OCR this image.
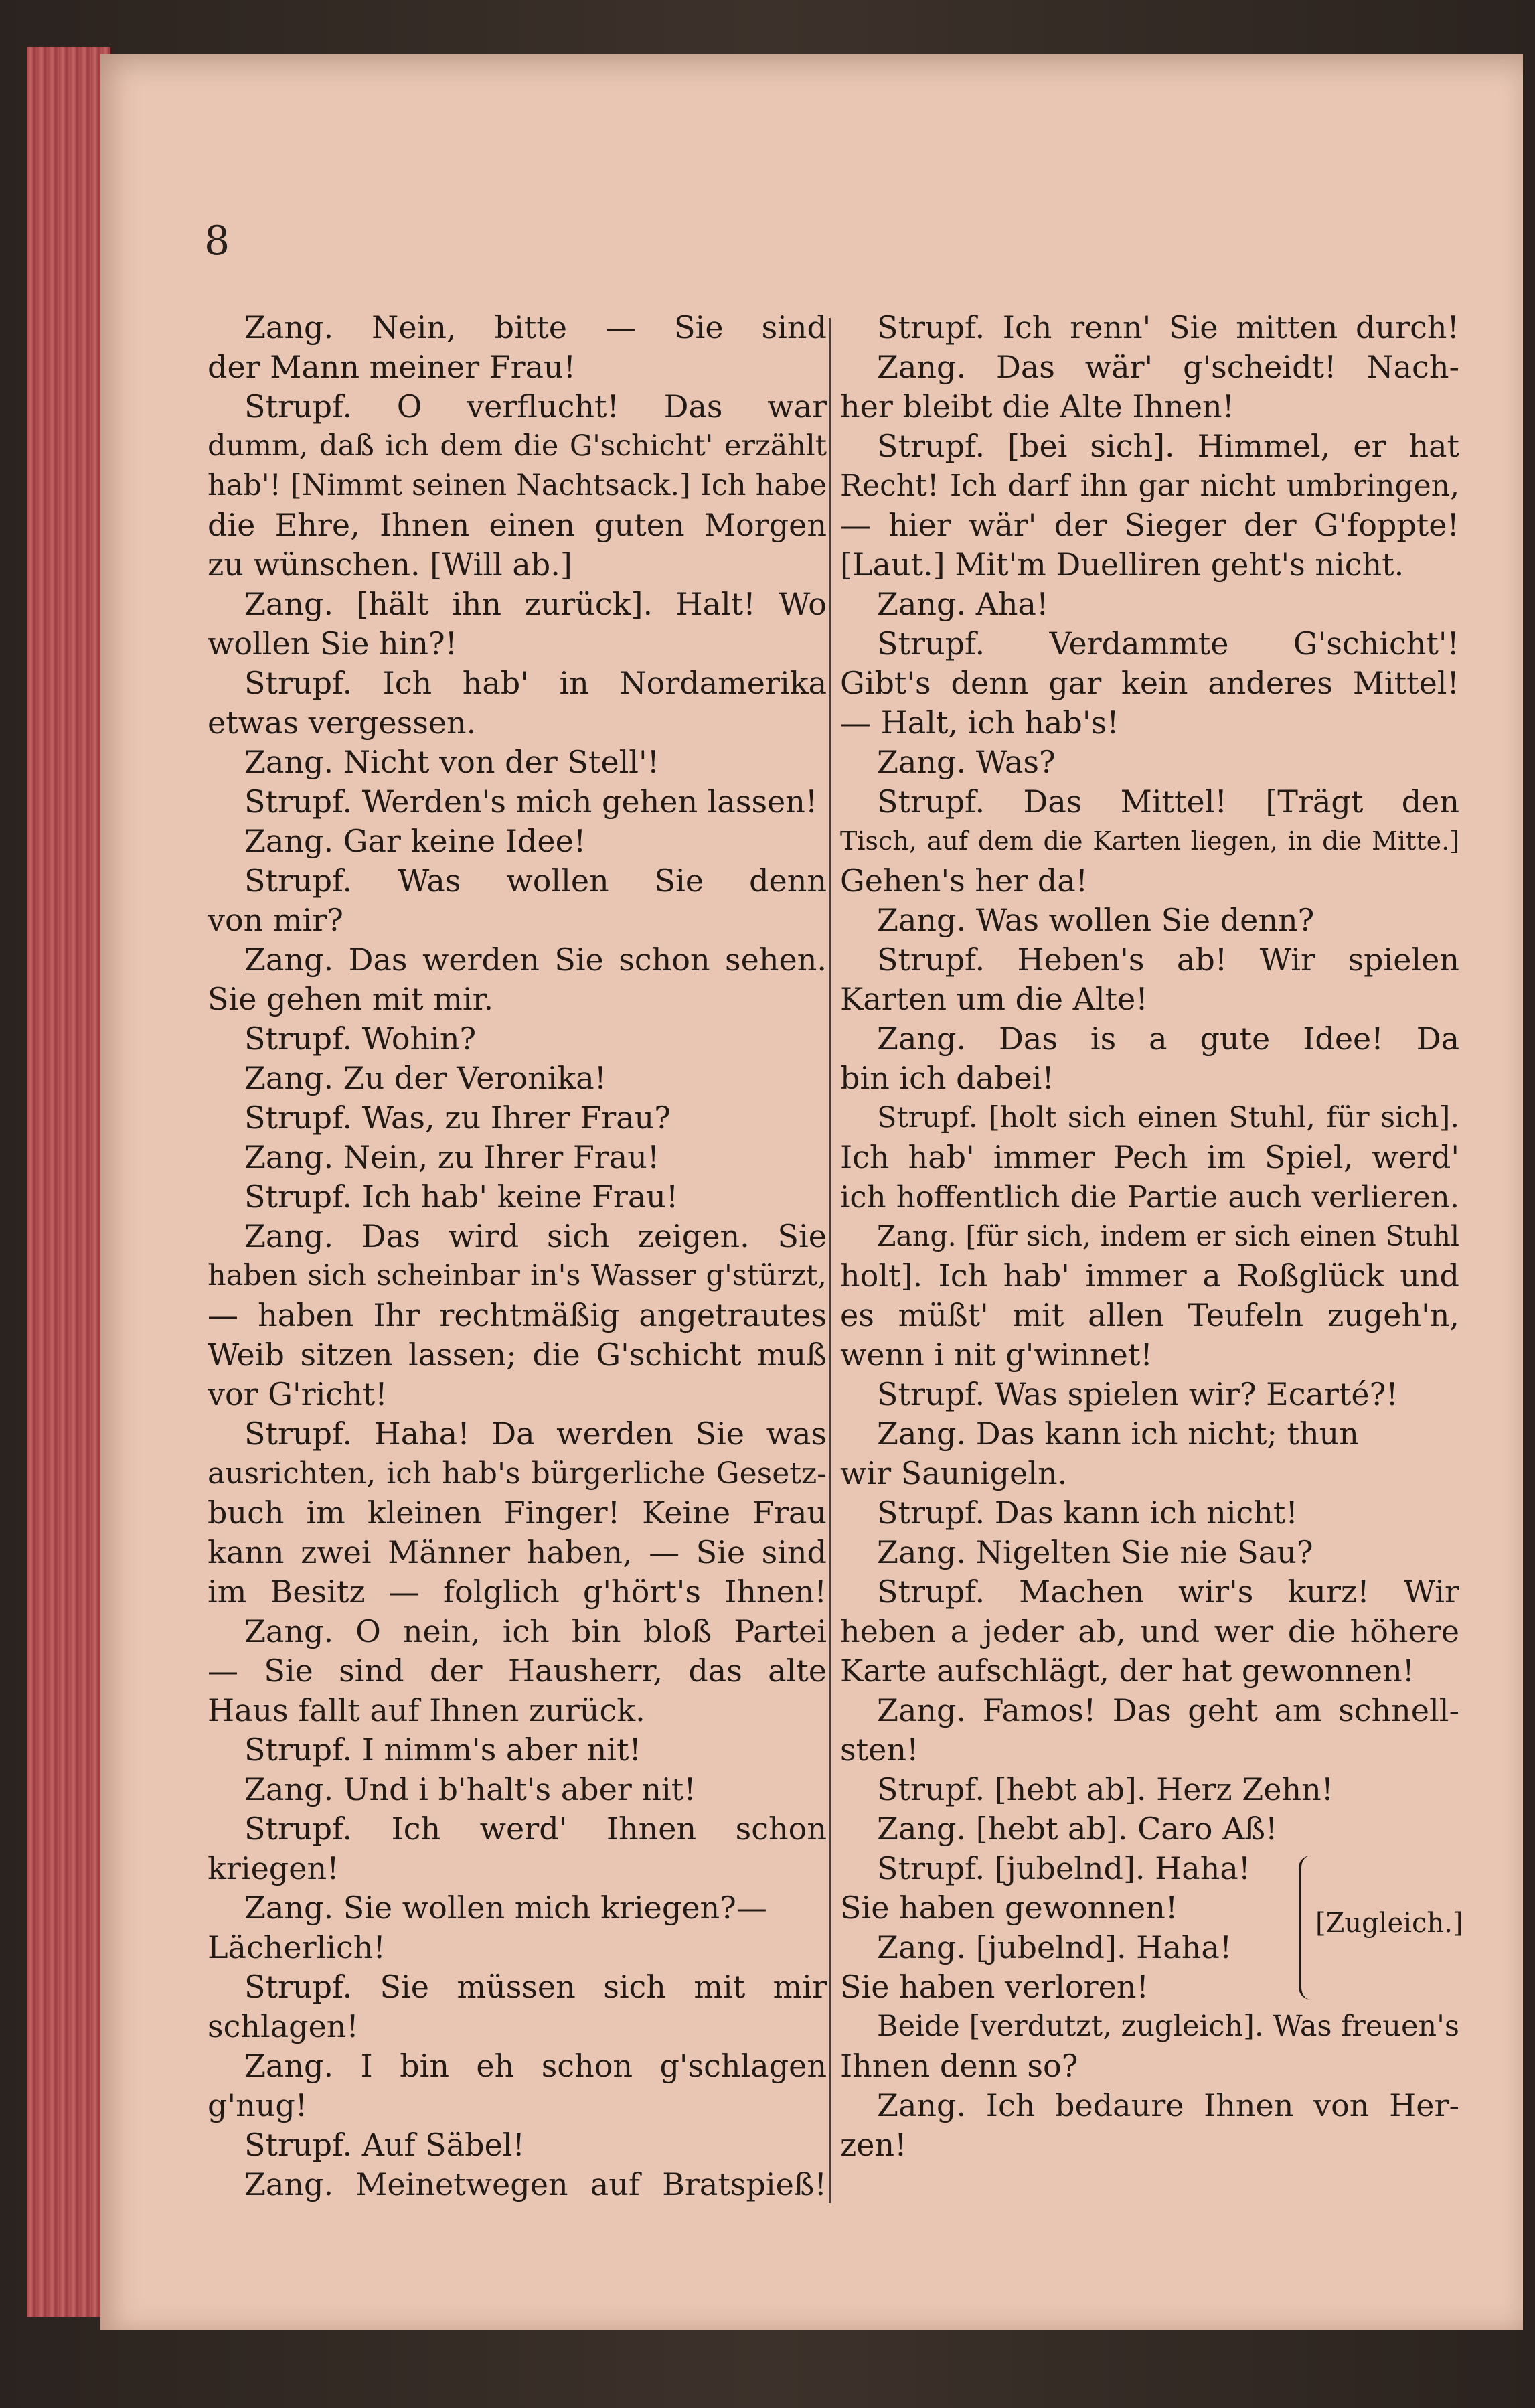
8
Zang. Nein, bitte — Sie sind
der Mann meiner Frau!
Strupf. O verflucht! Das war
dumm, daß ich dem die G'schicht' erzählt
hab'! [Nimmt seinen Nachtsack.] Ich habe
die Ehre, Ihnen einen guten Morgen
zu wünschen. [Will ab.]
Zang. [hält ihn zurück]. Halt! Wo
wollen Sie hin?!
Strupf. Ich hab' in Nordamerika
etwas vergessen.
Zang. Nicht von der Stell'!
Strupf. Werden's mich gehen lassen!
Zang. Gar keine Idee!
Strupf. Was wollen Sie denn
von mir?
Zang. Das werden Sie schon sehen.
Sie gehen mit mir.
Strupf. Wohin?
Zang. Zu der Veronika!
Strupf. Was, zu Ihrer Frau?
Zang. Nein, zu Ihrer Frau!
Strupf. Ich hab' keine Frau!
Zang. Das wird sich zeigen. Sie
haben sich scheinbar in's Wasser g'stürzt,
— haben Ihr rechtmäßig angetrautes
Weib sitzen lassen; die G'schicht muß
vor G'richt!
Strupf. Haha! Da werden Sie was
ausrichten, ich hab's bürgerliche Gesetz-
buch im kleinen Finger! Keine Frau
kann zwei Männer haben, — Sie sind
im Besitz — folglich g'hört's Ihnen!
Zang. O nein, ich bin bloß Partei
— Sie sind der Hausherr, das alte
Haus fallt auf Ihnen zurück.
Strupf. I nimm's aber nit!
Zang. Und i b'halt's aber nit!
Strupf. Ich werd' Ihnen schon
kriegen!
Zang. Sie wollen mich kriegen?—
Lächerlich!
Strupf. Sie müssen sich mit mir
schlagen!
Zang. I bin eh schon g'schlagen
g'nug!
Strupf. Auf Säbel!
Zang. Meinetwegen auf Bratspieß!
Strupf. Ich renn' Sie mitten durch!
Zang. Das wär' g'scheidt! Nach-
her bleibt die Alte Ihnen!
Strupf. [bei sich]. Himmel, er hat
Recht! Ich darf ihn gar nicht umbringen,
— hier wär' der Sieger der G'foppte!
[Laut.] Mit'm Duelliren geht's nicht.
Zang. Aha!
Strupf. Verdammte G'schicht'!
Gibt's denn gar kein anderes Mittel!
— Halt, ich hab's!
Zang. Was?
Strupf. Das Mittel! [Trägt den
Tisch, auf dem die Karten liegen, in die Mitte.]
Gehen's her da!
Zang. Was wollen Sie denn?
Strupf. Heben's ab! Wir spielen
Karten um die Alte!
Zang. Das is a gute Idee! Da
bin ich dabei!
Strupf. [holt sich einen Stuhl, für sich].
Ich hab' immer Pech im Spiel, werd'
ich hoffentlich die Partie auch verlieren.
Zang. [für sich, indem er sich einen Stuhl
holt]. Ich hab' immer a Roßglück und
es müßt' mit allen Teufeln zugeh'n,
wenn i nit g'winnet!
Strupf. Was spielen wir? Ecarté?!
Zang. Das kann ich nicht; thun
wir Saunigeln.
Strupf. Das kann ich nicht!
Zang. Nigelten Sie nie Sau?
Strupf. Machen wir's kurz! Wir
heben a jeder ab, und wer die höhere
Karte aufschlägt, der hat gewonnen!
Zang. Famos! Das geht am schnell-
sten!
Strupf. [hebt ab]. Herz Zehn!
Zang. [hebt ab]. Caro Aß!
Strupf. [jubelnd]. Haha!
Sie haben gewonnen!
Zang. [jubelnd]. Haha!
Sie haben verloren!
[Zugleich.]
Beide [verdutzt, zugleich]. Was freuen's
Ihnen denn so?
Zang. Ich bedaure Ihnen von Her-
zen!
